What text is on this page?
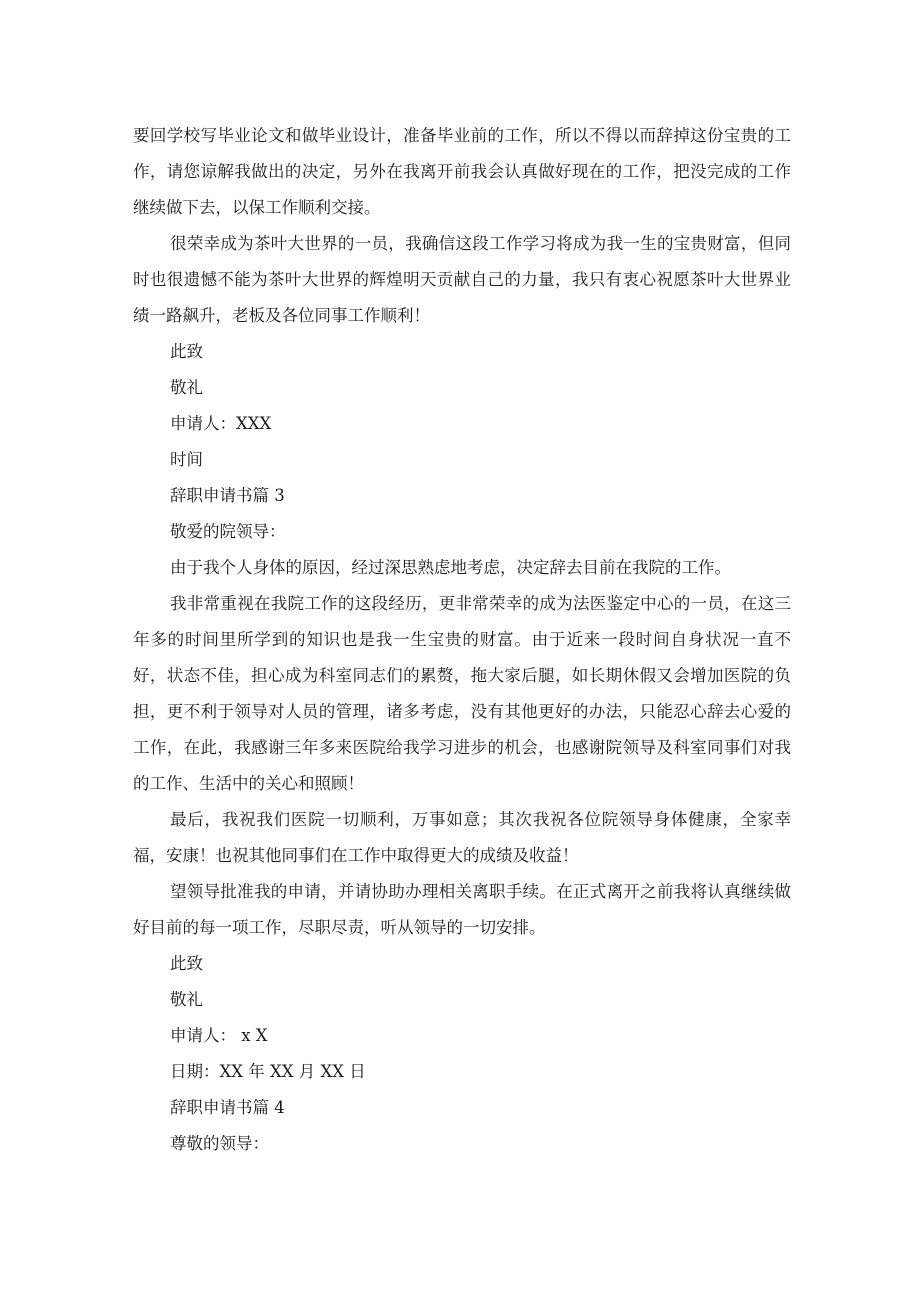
要回学校写毕业论文和做毕业设计，准备毕业前的工作，所以不得以而辞掉这份宝贵的工作，请您谅解我做出的决定，另外在我离开前我会认真做好现在的工作，把没完成的工作继续做下去，以保工作顺利交接。

很荣幸成为茶叶大世界的一员，我确信这段工作学习将成为我一生的宝贵财富，但同时也很遗憾不能为茶叶大世界的辉煌明天贡献自己的力量，我只有衷心祝愿茶叶大世界业绩一路飙升，老板及各位同事工作顺利！

此致

敬礼

申请人：XXX

时间

辞职申请书篇 3

敬爱的院领导：

由于我个人身体的原因，经过深思熟虑地考虑，决定辞去目前在我院的工作。

我非常重视在我院工作的这段经历，更非常荣幸的成为法医鉴定中心的一员，在这三年多的时间里所学到的知识也是我一生宝贵的财富。由于近来一段时间自身状况一直不好，状态不佳，担心成为科室同志们的累赘，拖大家后腿，如长期休假又会增加医院的负担，更不利于领导对人员的管理，诸多考虑，没有其他更好的办法，只能忍心辞去心爱的工作，在此，我感谢三年多来医院给我学习进步的机会，也感谢院领导及科室同事们对我的工作、生活中的关心和照顾！

最后，我祝我们医院一切顺利，万事如意；其次我祝各位院领导身体健康，全家幸福，安康！也祝其他同事们在工作中取得更大的成绩及收益！

望领导批准我的申请，并请协助办理相关离职手续。在正式离开之前我将认真继续做好目前的每一项工作，尽职尽责，听从领导的一切安排。

此致

敬礼

申请人： x X

日期：XX 年 XX 月 XX 日

辞职申请书篇 4

尊敬的领导：
